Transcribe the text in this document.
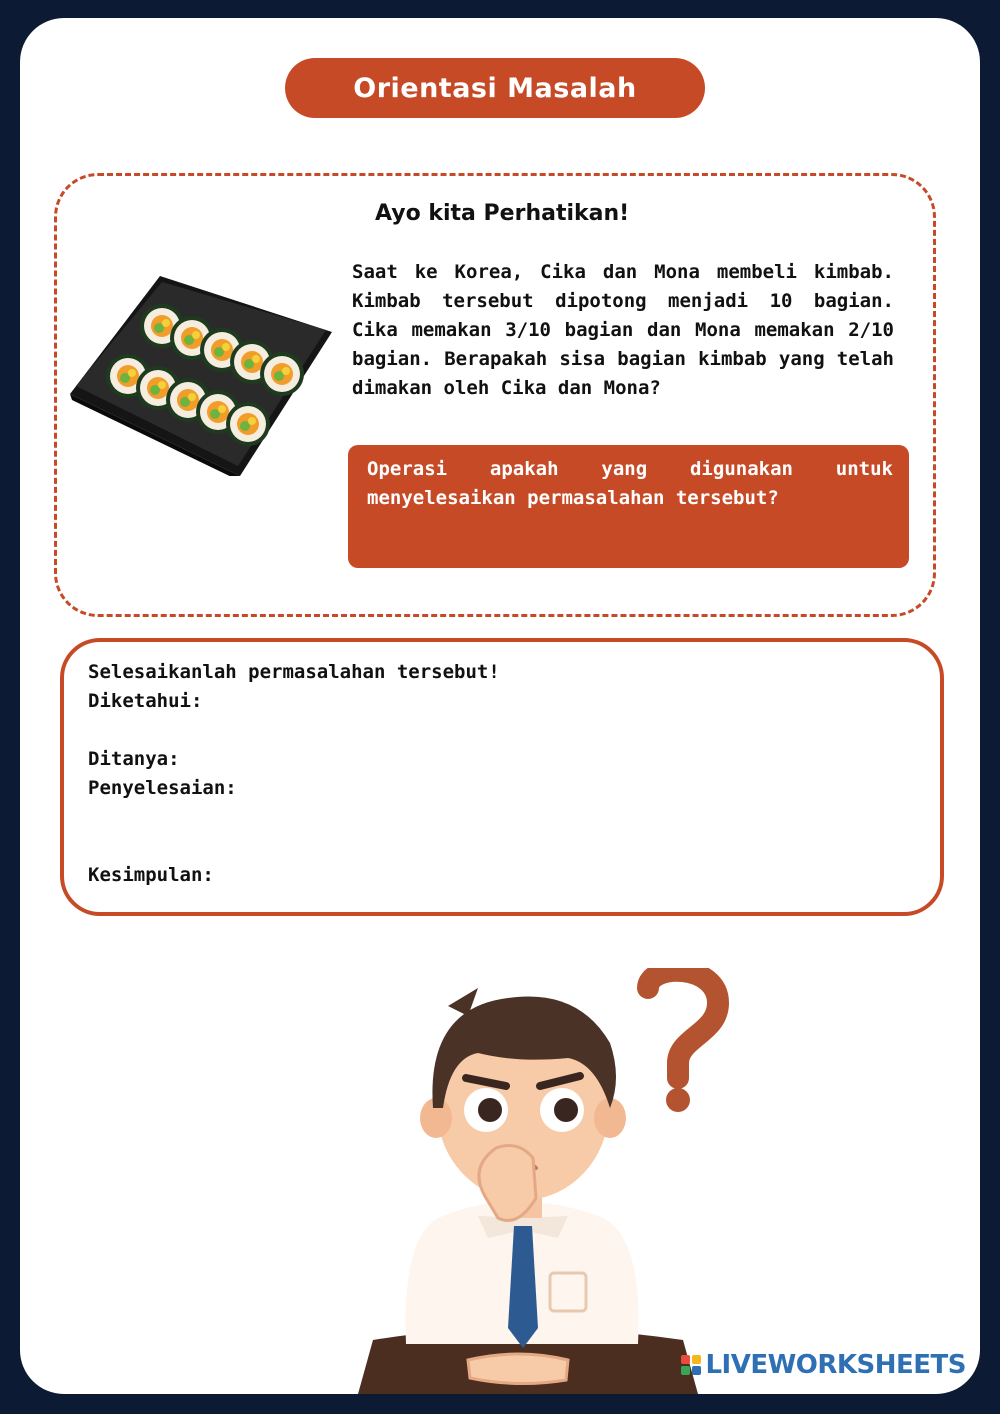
Orientasi Masalah
Ayo kita Perhatikan!
Saat ke Korea, Cika dan Mona membeli kimbab. Kimbab tersebut dipotong menjadi 10 bagian. Cika memakan 3/10 bagian dan Mona memakan 2/10 bagian. Berapakah sisa bagian kimbab yang telah dimakan oleh Cika dan Mona?
Operasi apakah yang digunakan untuk menyelesaikan permasalahan tersebut?
Selesaikanlah permasalahan tersebut!
Diketahui:
Ditanya:
Penyelesaian:
Kesimpulan:
LIVEWORKSHEETS
